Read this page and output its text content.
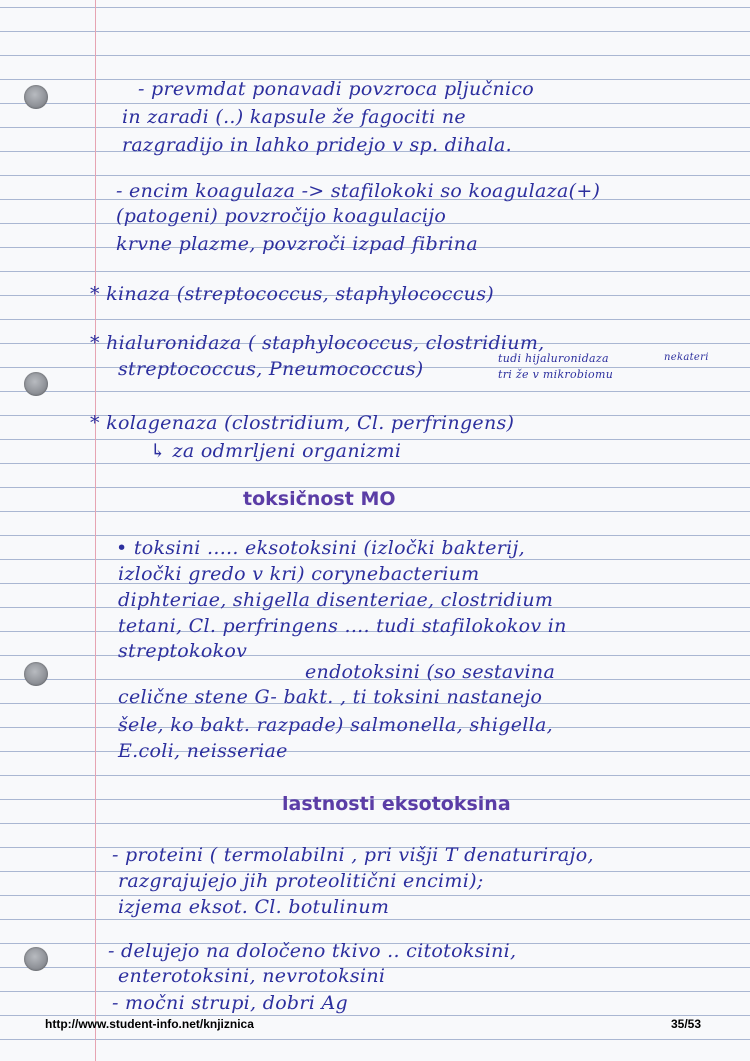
- prevmdat ponavadi povzroca pljučnico
in zaradi (..) kapsule že fagociti ne
razgradijo in lahko pridejo v sp. dihala.
- encim koagulaza -> stafilokoki so koagulaza(+)
(patogeni) povzročijo koagulacijo
krvne plazme, povzroči izpad fibrina
* kinaza (streptococcus, staphylococcus)
* hialuronidaza ( staphylococcus, clostridium,
streptococcus, Pneumococcus)	tudi hijaluronidaza
tri že v mikrobiomu
nekateri
* kolagenaza (clostridium, Cl. perfringens)
↳ za odmrljeni organizmi
toksičnost MO
• toksini ..... eksotoksini (izločki bakterij,
izločki gredo v kri) corynebacterium
diphteriae, shigella disenteriae, clostridium
tetani, Cl. perfringens .... tudi stafilokokov in
streptokokov
endotoksini (so sestavina
celične stene G- bakt. , ti toksini nastanejo
šele, ko bakt. razpade) salmonella, shigella,
E.coli, neisseriae
lastnosti eksotoksina
- proteini ( termolabilni , pri višji T denaturirajo,
razgrajujejo jih proteolitični encimi);
izjema eksot. Cl. botulinum
- delujejo na določeno tkivo .. citotoksini,
enterotoksini, nevrotoksini
- močni strupi, dobri Ag
http://www.student-info.net/knjiznica	35/53
